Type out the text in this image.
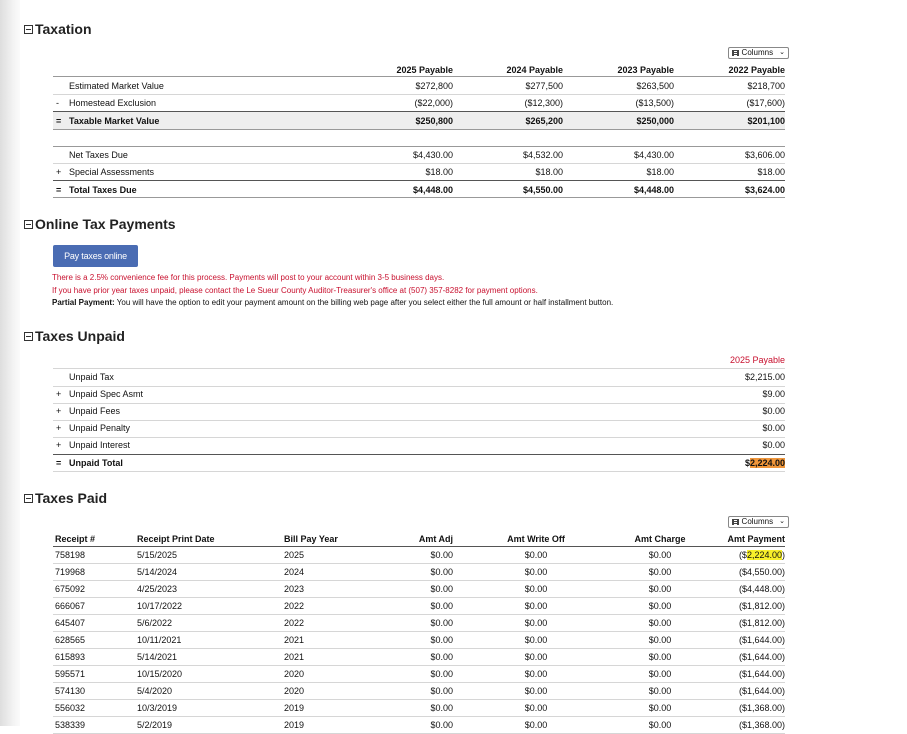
Taxation
Columns ⌄
2025 Payable	2024 Payable	2023 Payable	2022 Payable
Estimated Market Value	$272,800	$277,500	$263,500	$218,700
- Homestead Exclusion	($22,000)	($12,300)	($13,500)	($17,600)
= Taxable Market Value	$250,800	$265,200	$250,000	$201,100
Net Taxes Due	$4,430.00	$4,532.00	$4,430.00	$3,606.00
+ Special Assessments	$18.00	$18.00	$18.00	$18.00
= Total Taxes Due	$4,448.00	$4,550.00	$4,448.00	$3,624.00
Online Tax Payments
Pay taxes online
There is a 2.5% convenience fee for this process. Payments will post to your account within 3-5 business days.
If you have prior year taxes unpaid, please contact the Le Sueur County Auditor-Treasurer's office at (507) 357-8282 for payment options.
Partial Payment: You will have the option to edit your payment amount on the billing web page after you select either the full amount or half installment button.
Taxes Unpaid
2025 Payable
Unpaid Tax	$2,215.00
+ Unpaid Spec Asmt	$9.00
+ Unpaid Fees	$0.00
+ Unpaid Penalty	$0.00
+ Unpaid Interest	$0.00
= Unpaid Total	$2,224.00
Taxes Paid
Columns ⌄
Receipt #	Receipt Print Date	Bill Pay Year	Amt Adj	Amt Write Off	Amt Charge	Amt Payment
758198	5/15/2025	2025	$0.00	$0.00	$0.00	($2,224.00)
719968	5/14/2024	2024	$0.00	$0.00	$0.00	($4,550.00)
675092	4/25/2023	2023	$0.00	$0.00	$0.00	($4,448.00)
666067	10/17/2022	2022	$0.00	$0.00	$0.00	($1,812.00)
645407	5/6/2022	2022	$0.00	$0.00	$0.00	($1,812.00)
628565	10/11/2021	2021	$0.00	$0.00	$0.00	($1,644.00)
615893	5/14/2021	2021	$0.00	$0.00	$0.00	($1,644.00)
595571	10/15/2020	2020	$0.00	$0.00	$0.00	($1,644.00)
574130	5/4/2020	2020	$0.00	$0.00	$0.00	($1,644.00)
556032	10/3/2019	2019	$0.00	$0.00	$0.00	($1,368.00)
538339	5/2/2019	2019	$0.00	$0.00	$0.00	($1,368.00)
